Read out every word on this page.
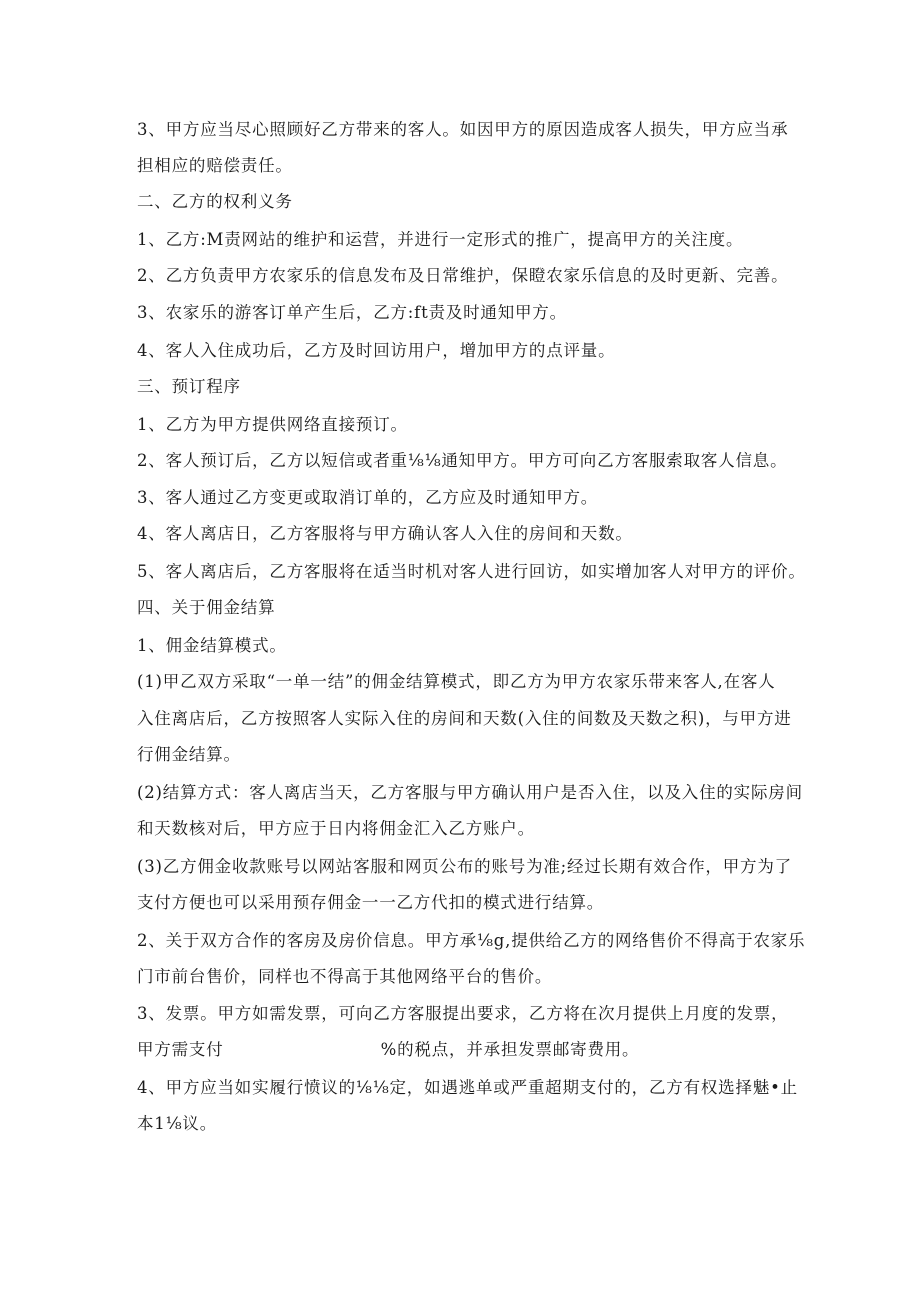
3、甲方应当尽心照顾好乙方带来的客人。如因甲方的原因造成客人损失，甲方应当承
担相应的赔偿责任。
二、乙方的权利义务
1、乙方:M责网站的维护和运营，并进行一定形式的推广，提高甲方的关注度。
2、乙方负责甲方农家乐的信息发布及日常维护，保瞪农家乐信息的及时更新、完善。
3、农家乐的游客订单产生后，乙方:ft责及时通知甲方。
4、客人入住成功后，乙方及时回访用户，增加甲方的点评量。
三、预订程序
1、乙方为甲方提供网络直接预订。
2、客人预订后，乙方以短信或者重⅛⅛通知甲方。甲方可向乙方客服索取客人信息。
3、客人通过乙方变更或取消订单的，乙方应及时通知甲方。
4、客人离店日，乙方客服将与甲方确认客人入住的房间和天数。
5、客人离店后，乙方客服将在适当时机对客人进行回访，如实增加客人对甲方的评价。
四、关于佣金结算
1、佣金结算模式。
(1)甲乙双方采取“一单一结”的佣金结算模式，即乙方为甲方农家乐带来客人,在客人
入住离店后，乙方按照客人实际入住的房间和天数(入住的间数及天数之积)，与甲方进
行佣金结算。
(2)结算方式：客人离店当天，乙方客服与甲方确认用户是否入住，以及入住的实际房间
和天数核对后，甲方应于日内将佣金汇入乙方账户。
(3)乙方佣金收款账号以网站客服和网页公布的账号为准;经过长期有效合作，甲方为了
支付方便也可以采用预存佣金一一乙方代扣的模式进行结算。
2、关于双方合作的客房及房价信息。甲方承⅛g,提供给乙方的网络售价不得高于农家乐
门市前台售价，同样也不得高于其他网络平台的售价。
3、发票。甲方如需发票，可向乙方客服提出要求，乙方将在次月提供上月度的发票，
甲方需支付                          %的税点，并承担发票邮寄费用。
4、甲方应当如实履行愤议的⅛⅛定，如遇逃单或严重超期支付的，乙方有权选择魅•止
本1⅛议。
